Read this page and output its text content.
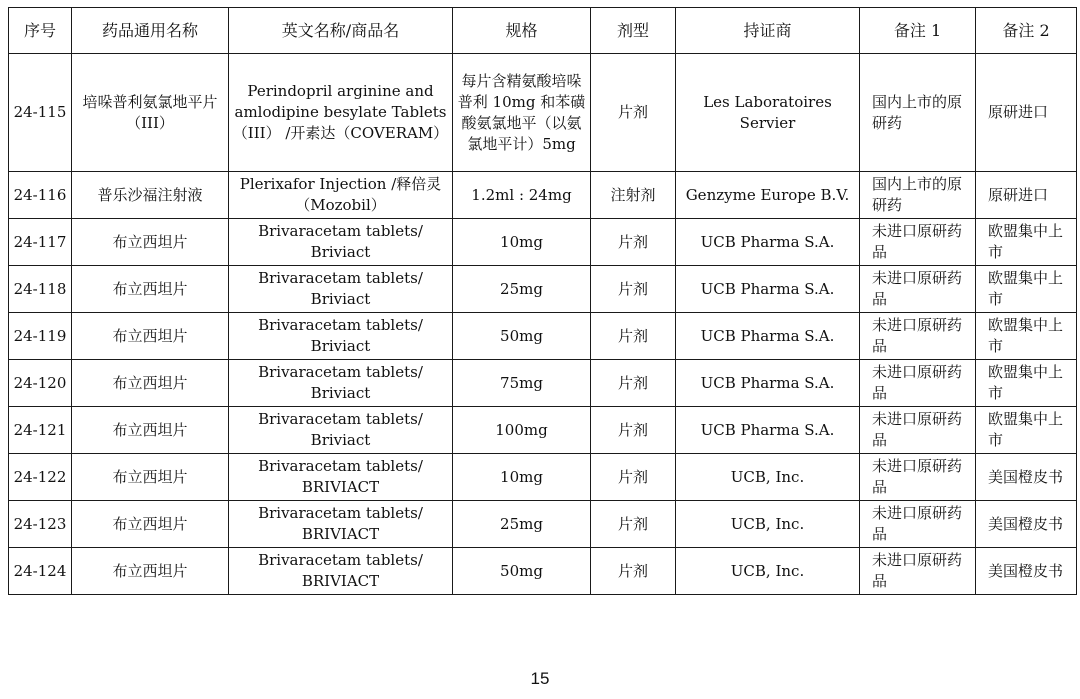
序号	药品通用名称	英文名称/商品名	规格	剂型	持证商	备注 1	备注 2
24-115	培哚普利氨氯地平片（III）	Perindopril arginine and amlodipine besylate Tablets（III） /开素达（COVERAM）	每片含精氨酸培哚普利 10mg 和苯磺酸氨氯地平（以氨氯地平计）5mg	片剂	Les Laboratoires Servier	国内上市的原研药	原研进口
24-116	普乐沙福注射液	Plerixafor Injection /释倍灵（Mozobil）	1.2ml : 24mg	注射剂	Genzyme Europe B.V.	国内上市的原研药	原研进口
24-117	布立西坦片	Brivaracetam tablets/ Briviact	10mg	片剂	UCB Pharma S.A.	未进口原研药品	欧盟集中上市
24-118	布立西坦片	Brivaracetam tablets/ Briviact	25mg	片剂	UCB Pharma S.A.	未进口原研药品	欧盟集中上市
24-119	布立西坦片	Brivaracetam tablets/ Briviact	50mg	片剂	UCB Pharma S.A.	未进口原研药品	欧盟集中上市
24-120	布立西坦片	Brivaracetam tablets/ Briviact	75mg	片剂	UCB Pharma S.A.	未进口原研药品	欧盟集中上市
24-121	布立西坦片	Brivaracetam tablets/ Briviact	100mg	片剂	UCB Pharma S.A.	未进口原研药品	欧盟集中上市
24-122	布立西坦片	Brivaracetam tablets/ BRIVIACT	10mg	片剂	UCB, Inc.	未进口原研药品	美国橙皮书
24-123	布立西坦片	Brivaracetam tablets/ BRIVIACT	25mg	片剂	UCB, Inc.	未进口原研药品	美国橙皮书
24-124	布立西坦片	Brivaracetam tablets/ BRIVIACT	50mg	片剂	UCB, Inc.	未进口原研药品	美国橙皮书
15
